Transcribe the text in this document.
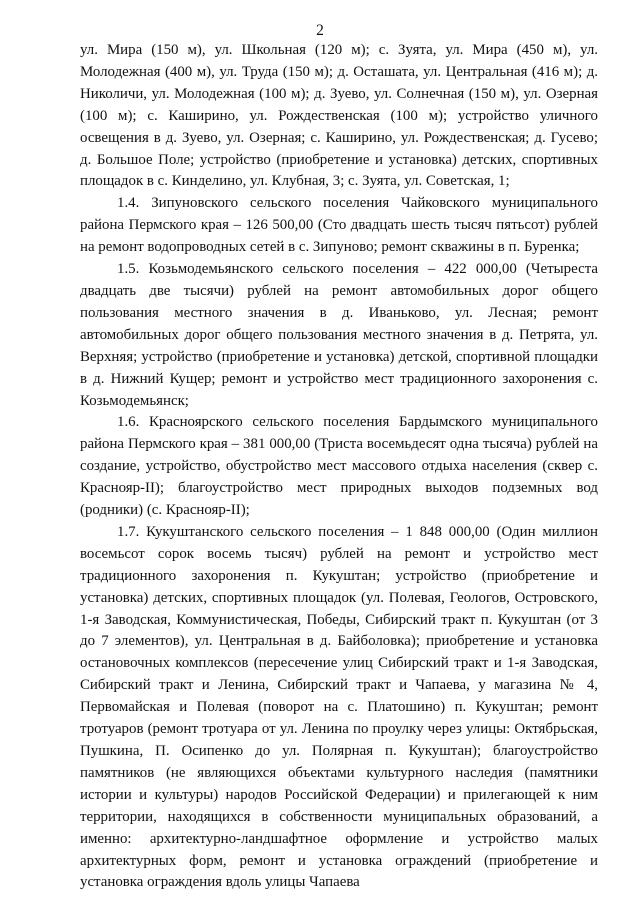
2

ул. Мира (150 м), ул. Школьная (120 м); с. Зуята, ул. Мира (450 м), ул. Молодежная (400 м), ул. Труда (150 м); д. Осташата, ул. Центральная (416 м); д. Николичи, ул. Молодежная (100 м); д. Зуево, ул. Солнечная (150 м), ул. Озерная (100 м); с. Каширино, ул. Рождественская (100 м); устройство уличного освещения в д. Зуево, ул. Озерная; с. Каширино, ул. Рождественская; д. Гусево; д. Большое Поле; устройство (приобретение и установка) детских, спортивных площадок в с. Кинделино, ул. Клубная, 3; с. Зуята, ул. Советская, 1;

1.4. Зипуновского сельского поселения Чайковского муниципального района Пермского края – 126 500,00 (Сто двадцать шесть тысяч пятьсот) рублей на ремонт водопроводных сетей в с. Зипуново; ремонт скважины в п. Буренка;

1.5. Козьмодемьянского сельского поселения – 422 000,00 (Четыреста двадцать две тысячи) рублей на ремонт автомобильных дорог общего пользования местного значения в д. Иваньково, ул. Лесная; ремонт автомобильных дорог общего пользования местного значения в д. Петрята, ул. Верхняя; устройство (приобретение и установка) детской, спортивной площадки в д. Нижний Кущер; ремонт и устройство мест традиционного захоронения с. Козьмодемьянск;

1.6. Красноярского сельского поселения Бардымского муниципального района Пермского края – 381 000,00 (Триста восемьдесят одна тысяча) рублей на создание, устройство, обустройство мест массового отдыха населения (сквер с. Краснояр-II); благоустройство мест природных выходов подземных вод (родники) (с. Краснояр-II);

1.7. Кукуштанского сельского поселения – 1 848 000,00 (Один миллион восемьсот сорок восемь тысяч) рублей на ремонт и устройство мест традиционного захоронения п. Кукуштан; устройство (приобретение и установка) детских, спортивных площадок (ул. Полевая, Геологов, Островского, 1-я Заводская, Коммунистическая, Победы, Сибирский тракт п. Кукуштан (от 3 до 7 элементов), ул. Центральная в д. Байболовка); приобретение и установка остановочных комплексов (пересечение улиц Сибирский тракт и 1-я Заводская, Сибирский тракт и Ленина, Сибирский тракт и Чапаева, у магазина № 4, Первомайская и Полевая (поворот на с. Платошино) п. Кукуштан; ремонт тротуаров (ремонт тротуара от ул. Ленина по проулку через улицы: Октябрьская, Пушкина, П. Осипенко до ул. Полярная п. Кукуштан); благоустройство памятников (не являющихся объектами культурного наследия (памятники истории и культуры) народов Российской Федерации) и прилегающей к ним территории, находящихся в собственности муниципальных образований, а именно: архитектурно-ландшафтное оформление и устройство малых архитектурных форм, ремонт и установка ограждений (приобретение и установка ограждения вдоль улицы Чапаева
